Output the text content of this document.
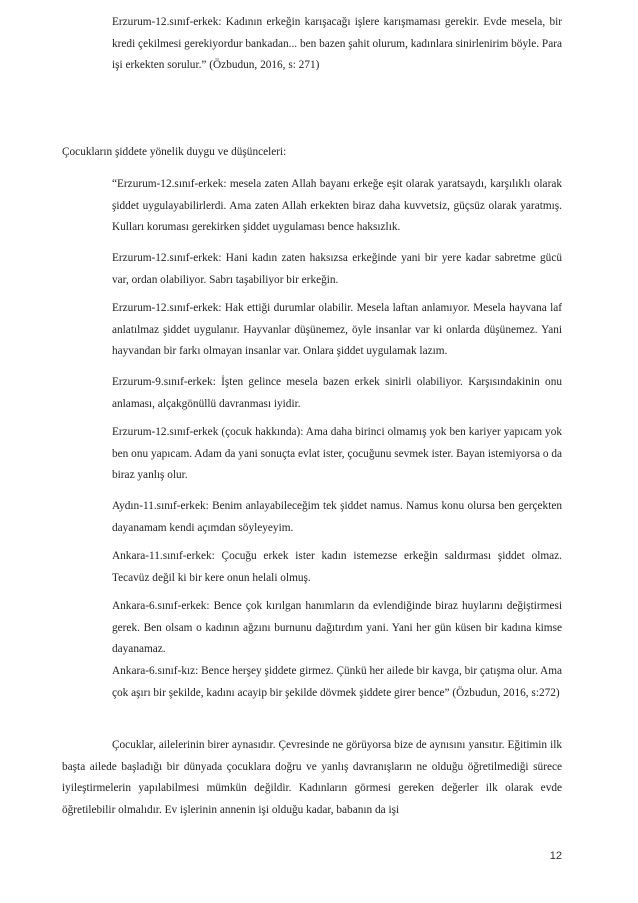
Erzurum-12.sınıf-erkek: Kadının erkeğin karışacağı işlere karışmaması gerekir. Evde mesela, bir kredi çekilmesi gerekiyordur bankadan... ben bazen şahit olurum, kadınlara sinirlenirim böyle. Para işi erkekten sorulur.” (Özbudun, 2016, s: 271)

Çocukların şiddete yönelik duygu ve düşünceleri:

“Erzurum-12.sınıf-erkek: mesela zaten Allah bayanı erkeğe eşit olarak yaratsaydı, karşılıklı olarak şiddet uygulayabilirlerdi. Ama zaten Allah erkekten biraz daha kuvvetsiz, güçsüz olarak yaratmış. Kulları koruması gerekirken şiddet uygulaması bence haksızlık.

Erzurum-12.sınıf-erkek: Hani kadın zaten haksızsa erkeğinde yani bir yere kadar sabretme gücü var, ordan olabiliyor. Sabrı taşabiliyor bir erkeğin.

Erzurum-12.sınıf-erkek: Hak ettiği durumlar olabilir. Mesela laftan anlamıyor. Mesela hayvana laf anlatılmaz şiddet uygulanır. Hayvanlar düşünemez, öyle insanlar var ki onlarda düşünemez. Yani hayvandan bir farkı olmayan insanlar var. Onlara şiddet uygulamak lazım.

Erzurum-9.sınıf-erkek: İşten gelince mesela bazen erkek sinirli olabiliyor. Karşısındakinin onu anlaması, alçakgönüllü davranması iyidir.

Erzurum-12.sınıf-erkek (çocuk hakkında): Ama daha birinci olmamış yok ben kariyer yapıcam yok ben onu yapıcam. Adam da yani sonuçta evlat ister, çocuğunu sevmek ister. Bayan istemiyorsa o da biraz yanlış olur.

Aydın-11.sınıf-erkek: Benim anlayabileceğim tek şiddet namus. Namus konu olursa ben gerçekten dayanamam kendi açımdan söyleyeyim.

Ankara-11.sınıf-erkek: Çocuğu erkek ister kadın istemezse erkeğin saldırması şiddet olmaz. Tecavüz değil ki bir kere onun helali olmuş.

Ankara-6.sınıf-erkek: Bence çok kırılgan hanımların da evlendiğinde biraz huylarını değiştirmesi gerek. Ben olsam o kadının ağzını burnunu dağıtırdım yani. Yani her gün küsen bir kadına kimse dayanamaz.

Ankara-6.sınıf-kız: Bence herşey şiddete girmez. Çünkü her ailede bir kavga, bir çatışma olur. Ama çok aşırı bir şekilde, kadını acayip bir şekilde dövmek şiddete girer bence” (Özbudun, 2016, s:272)

Çocuklar, ailelerinin birer aynasıdır. Çevresinde ne görüyorsa bize de aynısını yansıtır. Eğitimin ilk başta ailede başladığı bir dünyada çocuklara doğru ve yanlış davranışların ne olduğu öğretilmediği sürece iyileştirmelerin yapılabilmesi mümkün değildir. Kadınların görmesi gereken değerler ilk olarak evde öğretilebilir olmalıdır. Ev işlerinin annenin işi olduğu kadar, babanın da işi

12
